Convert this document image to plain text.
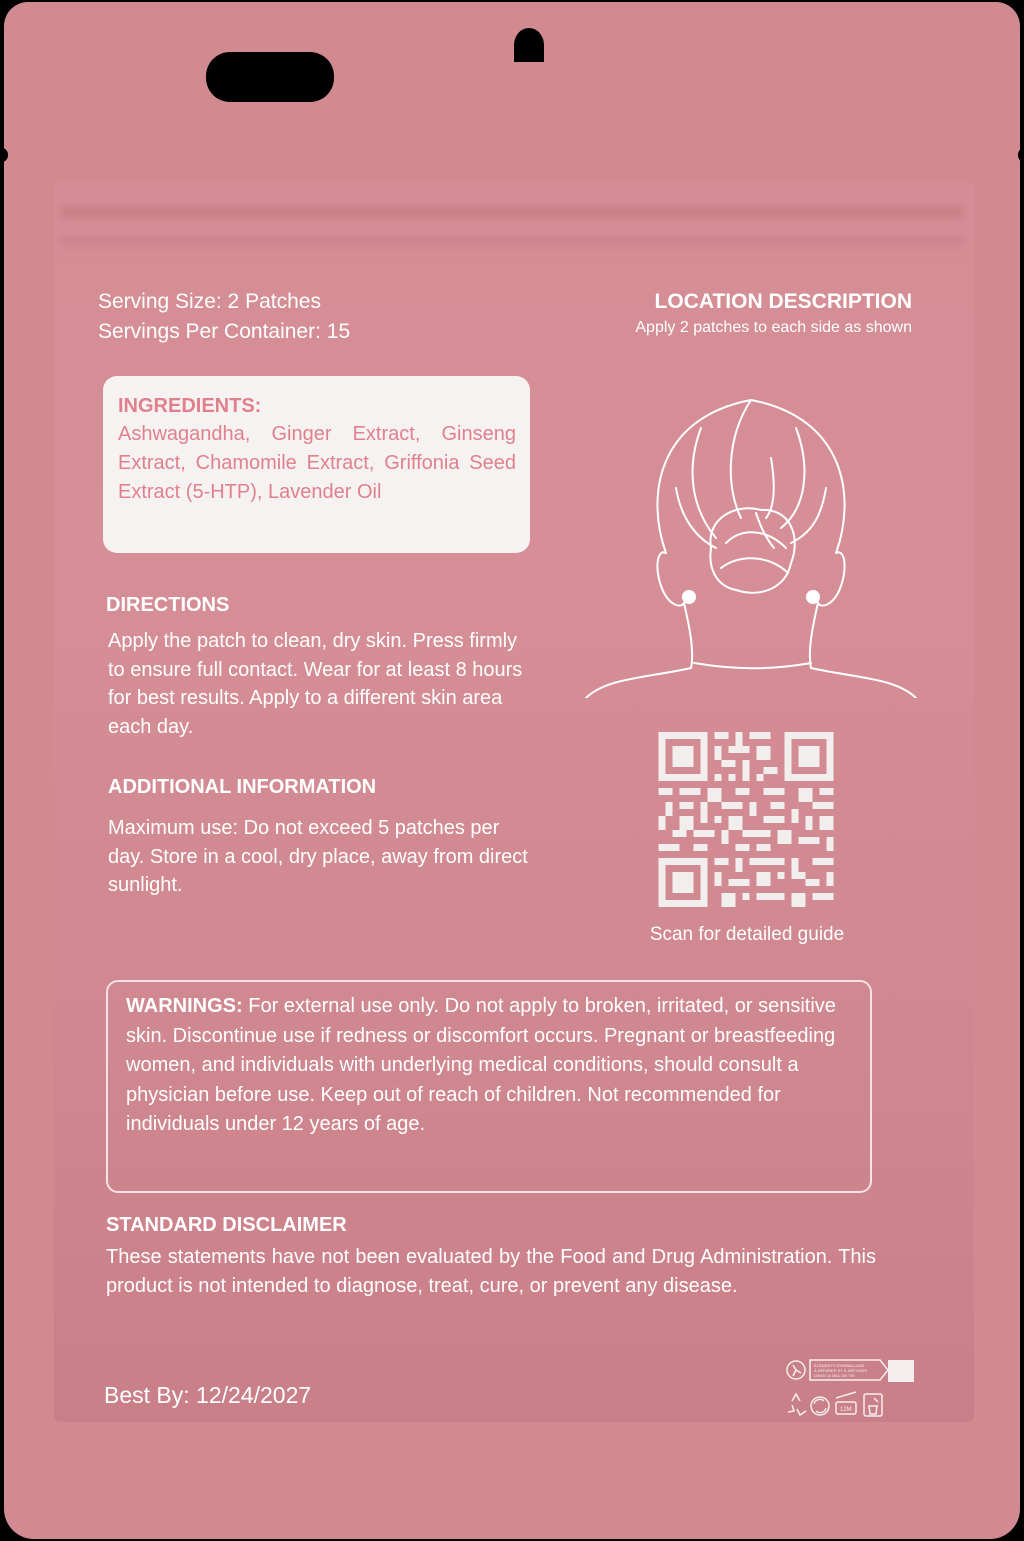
Serving Size: 2 Patches
Servings Per Container: 15
INGREDIENTS:
Ashwagandha, Ginger Extract, Ginseng Extract, Chamomile Extract, Griffonia Seed Extract (5-HTP), Lavender Oil
LOCATION DESCRIPTION
Apply 2 patches to each side as shown
DIRECTIONS
Apply the patch to clean, dry skin. Press firmly to ensure full contact. Wear for at least 8 hours for best results. Apply to a different skin area each day.
ADDITIONAL INFORMATION
Maximum use: Do not exceed 5 patches per day. Store in a cool, dry place, away from direct sunlight.
Scan for detailed guide
WARNINGS: For external use only. Do not apply to broken, irritated, or sensitive skin. Discontinue use if redness or discomfort occurs. Pregnant or breastfeeding women, and individuals with underlying medical conditions, should consult a physician before use. Keep out of reach of children. Not recommended for individuals under 12 years of age.
STANDARD DISCLAIMER
These statements have not been evaluated by the Food and Drug Administration. This product is not intended to diagnose, treat, cure, or prevent any disease.
Best By: 12/24/2027
ÉLÉMENTS D'EMBALLAGE
À SÉPARER ET À DÉPOSER
DANS LE BAC DE TRI
12M
